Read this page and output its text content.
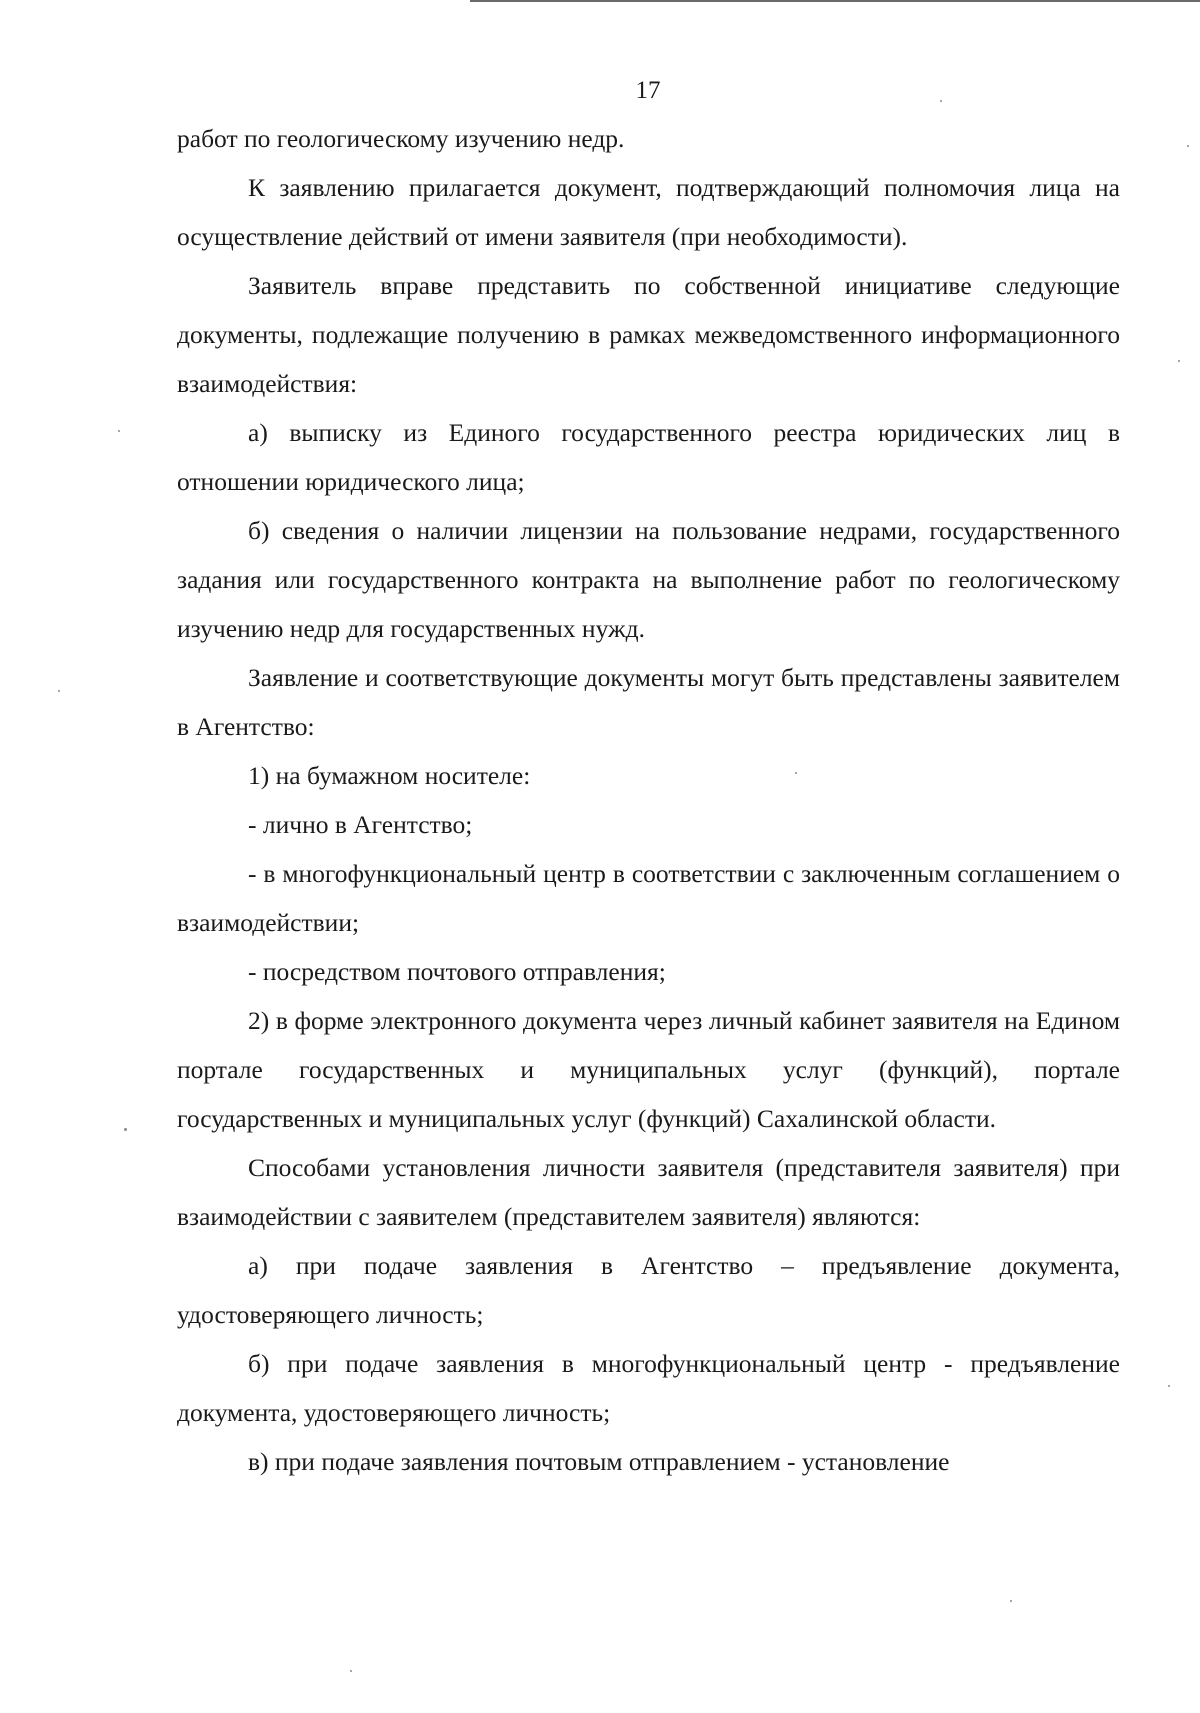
17

работ по геологическому изучению недр.

К заявлению прилагается документ, подтверждающий полномочия лица на осуществление действий от имени заявителя (при необходимости).

Заявитель вправе представить по собственной инициативе следующие документы, подлежащие получению в рамках межведомственного информационного взаимодействия:

а) выписку из Единого государственного реестра юридических лиц в отношении юридического лица;

б) сведения о наличии лицензии на пользование недрами, государственного задания или государственного контракта на выполнение работ по геологическому изучению недр для государственных нужд.

Заявление и соответствующие документы могут быть представлены заявителем в Агентство:

1) на бумажном носителе:

- лично в Агентство;

- в многофункциональный центр в соответствии с заключенным соглашением о взаимодействии;

- посредством почтового отправления;

2) в форме электронного документа через личный кабинет заявителя на Едином портале государственных и муниципальных услуг (функций), портале государственных и муниципальных услуг (функций) Сахалинской области.

Способами установления личности заявителя (представителя заявителя) при взаимодействии с заявителем (представителем заявителя) являются:

а) при подаче заявления в Агентство – предъявление документа, удостоверяющего личность;

б) при подаче заявления в многофункциональный центр - предъявление документа, удостоверяющего личность;

в) при подаче заявления почтовым отправлением - установление
